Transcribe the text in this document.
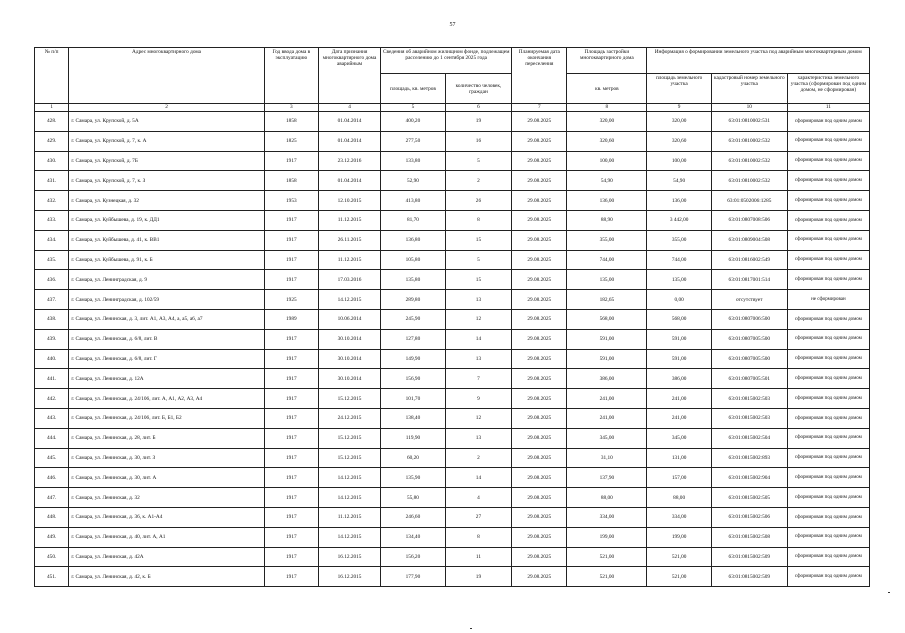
57
№ п/п	Адрес многоквартирного дома	Год ввода дома в эксплуатацию	Дата признания многоквартирного дома аварийным	Сведения об аварийном жилищном фонде, подлежащем расселению до 1 сентября 2025 года		Планируемая дата окончания переселения	Площадь застройки многоквартирного дома	Информация о формировании земельного участка под аварийным многоквартирным домом		
								площадь земельного участка	кадастровый номер земельного участка	характеристика земельного участка (сформирован под одним домом, не сформирован)
				площадь, кв. метров	количество человек, граждан		кв. метров			
1	2	3	4	5	6	7	8	9	10	11
428.	г. Самара, ул. Крупской, д. 5А	1858	01.04.2014	400,20	19	29.08.2025	320,00	320,00	63:01:0810002:531	сформирован под одним домом
429.	г. Самара, ул. Крупской, д. 7, к. А	1825	01.04.2014	277,50	16	29.08.2025	320,60	320,60	63:01:0810002:532	сформирован под одним домом
430.	г. Самара, ул. Крупской, д. 7Б	1917	23.12.2016	133,80	5	29.08.2025	100,00	100,00	63:01:0810002:532	сформирован под одним домом
431.	г. Самара, ул. Крупской, д. 7, к. З	1858	01.04.2014	52,90	2	29.08.2025	54,90	54,90	63:01:0810002:532	сформирован под одним домом
432.	г. Самара, ул. Кузнецкая, д. 32	1953	12.10.2015	413,80	26	29.08.2025	136,00	136,00	63:01:0502006:1285	сформирован под одним домом
433.	г. Самара, ул. Куйбышева, д. 19, к. ДД1	1917	11.12.2015	81,70	8	29.08.2025	88,90	3 442,00	63:01:0807008:506	сформирован под одним домом
434.	г. Самара, ул. Куйбышева, д. 41, к. ВВ1	1917	26.11.2015	136,80	15	29.08.2025	355,00	355,00	63:01:0809004:508	сформирован под одним домом
435.	г. Самара, ул. Куйбышева, д. 91, к. Б	1917	11.12.2015	105,80	5	29.08.2025	744,00	744,00	63:01:0816002:549	сформирован под одним домом
436.	г. Самара, ул. Ленинградская, д. 9	1917	17.03.2016	135,80	15	29.08.2025	135,00	135,00	63:01:0817001:514	сформирован под одним домом
437.	г. Самара, ул. Ленинградская, д. 102/59	1925	14.12.2015	289,80	13	29.08.2025	182,65	0,00	отсутствует	не сформирован
438.	г. Самара, ул. Ленинская, д. 3, лит. А1, А3, А4, а, а5, а6, а7	1989	10.06.2014	245,90	12	29.08.2025	568,00	568,00	63:01:0807006:500	сформирован под одним домом
439.	г. Самара, ул. Ленинская, д. 6/8, лит. В	1917	30.10.2014	127,80	14	29.08.2025	591,00	591,00	63:01:0807005:500	сформирован под одним домом
440.	г. Самара, ул. Ленинская, д. 6/8, лит. Г	1917	30.10.2014	149,90	13	29.08.2025	591,00	591,00	63:01:0807005:500	сформирован под одним домом
441.	г. Самара, ул. Ленинская, д. 12А	1917	30.10.2014	156,90	7	29.08.2025	386,00	386,00	63:01:0807005:501	сформирован под одним домом
442.	г. Самара, ул. Ленинская, д. 24/106, лит. А, А1, А2, А3, А4	1917	15.12.2015	101,70	9	29.08.2025	241,00	241,00	63:01:0815002:503	сформирован под одним домом
443.	г. Самара, ул. Ленинская, д. 24/106, лит. Б, Б1, Б2	1917	24.12.2015	138,40	12	29.08.2025	241,00	241,00	63:01:0815002:503	сформирован под одним домом
444.	г. Самара, ул. Ленинская, д. 28, лит. Б	1917	15.12.2015	119,90	13	29.08.2025	345,00	345,00	63:01:0815002:504	сформирован под одним домом
445.	г. Самара, ул. Ленинская, д. 30, лит. З	1917	15.12.2015	60,20	2	29.08.2025	31,10	131,00	63:01:0815002:893	сформирован под одним домом
446.	г. Самара, ул. Ленинская, д. 30, лит. А	1917	14.12.2015	135,90	14	29.08.2025	137,90	157,00	63:01:0815002:904	сформирован под одним домом
447.	г. Самара, ул. Ленинская, д. 32	1917	14.12.2015	55,80	4	29.08.2025	88,00	88,00	63:01:0815002:505	сформирован под одним домом
448.	г. Самара, ул. Ленинская, д. 36, к. А1-А4	1917	11.12.2015	246,60	27	29.08.2025	334,00	334,00	63:01:0815002:506	сформирован под одним домом
449.	г. Самара, ул. Ленинская, д. 40, лит. А, А1	1917	14.12.2015	134,40	8	29.08.2025	199,00	199,00	63:01:0815002:508	сформирован под одним домом
450.	г. Самара, ул. Ленинская, д. 42А	1917	16.12.2015	156,20	11	29.08.2025	521,00	521,00	63:01:0815002:509	сформирован под одним домом
451.	г. Самара, ул. Ленинская, д. 42, к. Б	1917	16.12.2015	177,90	19	29.08.2025	521,00	521,00	63:01:0815002:509	сформирован под одним домом
